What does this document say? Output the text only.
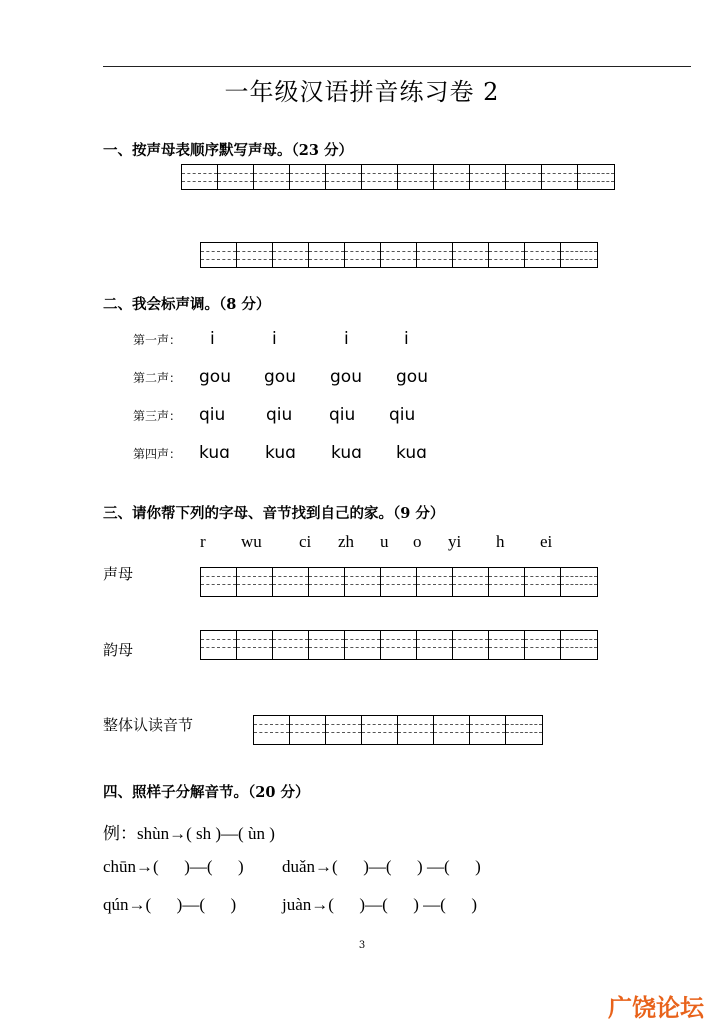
一年级汉语拼音练习卷 2
一、按声母表顺序默写声母。（23 分）
二、我会标声调。（8 分）
第一声：	i	i	i	i
第二声：	gou	gou	gou	gou
第三声：	qiu	qiu	qiu	qiu
第四声：	kuɑ	kuɑ	kuɑ	kuɑ
三、请你帮下列的字母、音节找到自己的家。（9 分）
r wu ci zh u o yi h ei
声母
韵母
整体认读音节
四、照样子分解音节。（20 分）
例：shùn→( sh )—( ùn )
chūn→(      )—(      ) duǎn→(      )—(      ) —(      )
qún→(      )—(      )	juàn→(      )—(      ) —(      )
3
广饶论坛
